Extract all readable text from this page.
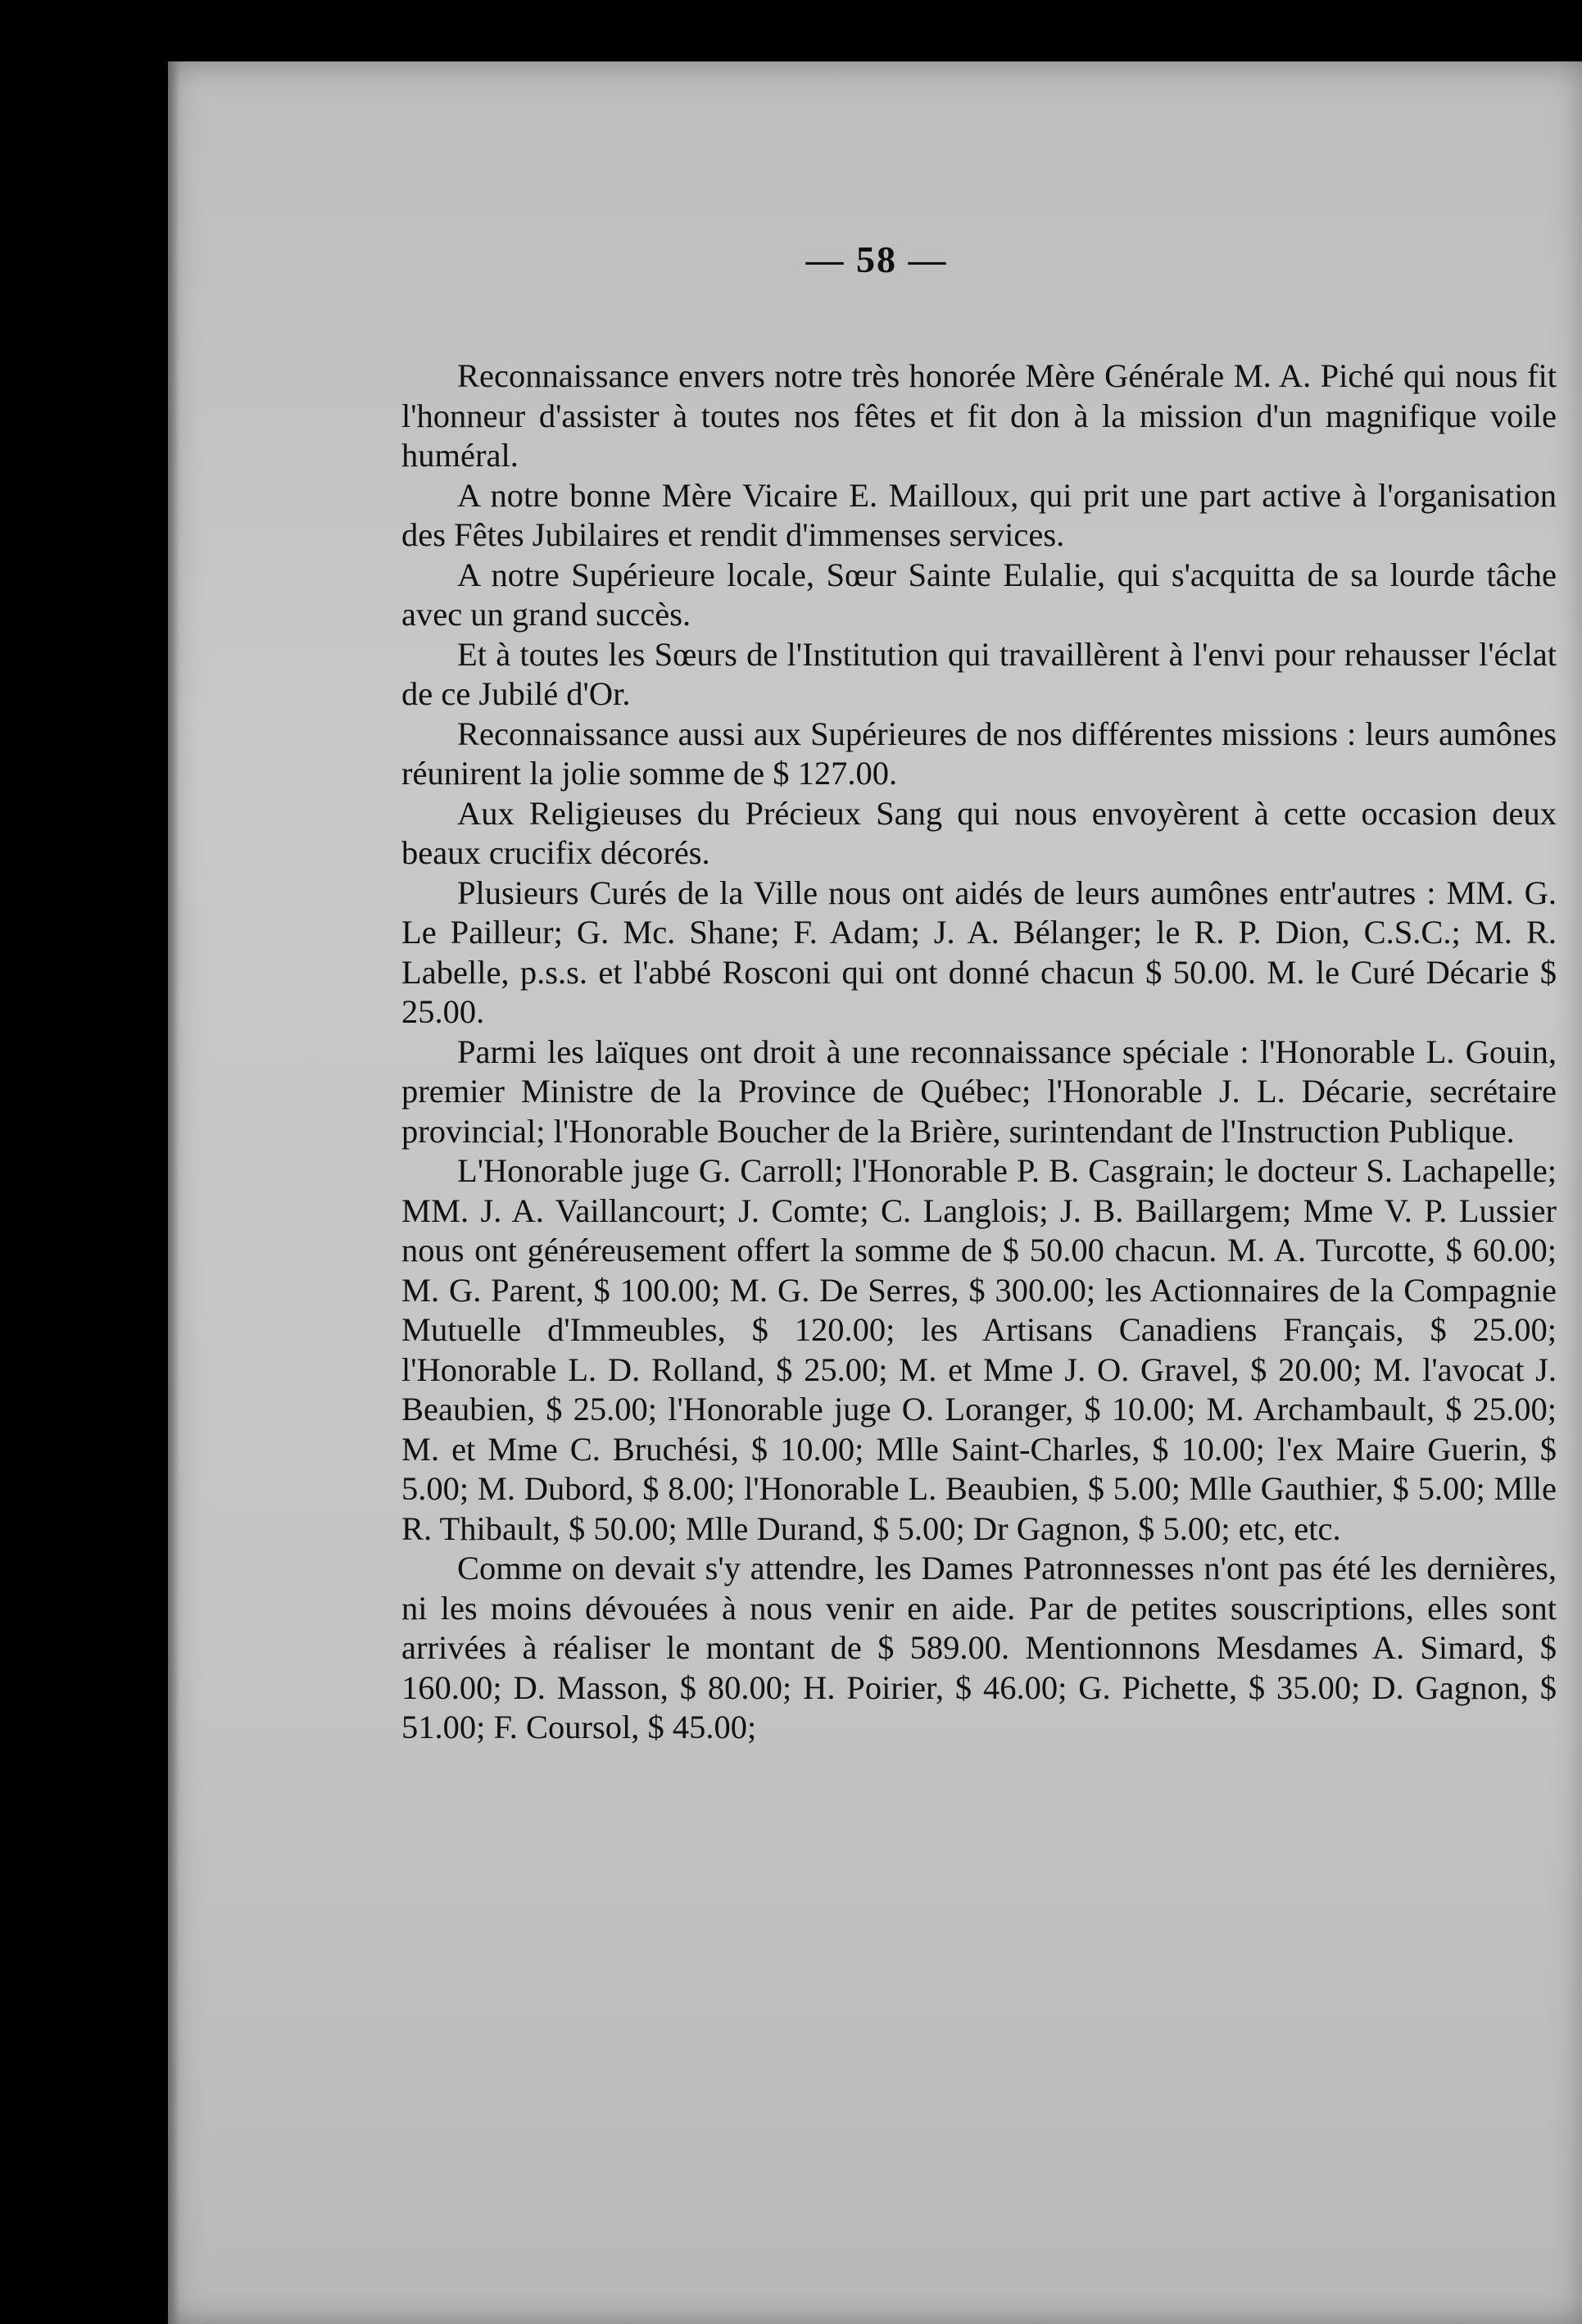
— 58 —

Reconnaissance envers notre très honorée Mère Générale M. A. Piché qui nous fit l'honneur d'assister à toutes nos fêtes et fit don à la mission d'un magnifique voile huméral.

A notre bonne Mère Vicaire E. Mailloux, qui prit une part active à l'organisation des Fêtes Jubilaires et rendit d'immenses services.

A notre Supérieure locale, Sœur Sainte Eulalie, qui s'acquitta de sa lourde tâche avec un grand succès.

Et à toutes les Sœurs de l'Institution qui travaillèrent à l'envi pour rehausser l'éclat de ce Jubilé d'Or.

Reconnaissance aussi aux Supérieures de nos différentes missions : leurs aumônes réunirent la jolie somme de $ 127.00.

Aux Religieuses du Précieux Sang qui nous envoyèrent à cette occasion deux beaux crucifix décorés.

Plusieurs Curés de la Ville nous ont aidés de leurs aumônes entr'autres : MM. G. Le Pailleur; G. Mc. Shane; F. Adam; J. A. Bélanger; le R. P. Dion, C.S.C.; M. R. Labelle, p.s.s. et l'abbé Rosconi qui ont donné chacun $ 50.00. M. le Curé Décarie $ 25.00.

Parmi les laïques ont droit à une reconnaissance spéciale : l'Honorable L. Gouin, premier Ministre de la Province de Québec; l'Honorable J. L. Décarie, secrétaire provincial; l'Honorable Boucher de la Brière, surintendant de l'Instruction Publique.

L'Honorable juge G. Carroll; l'Honorable P. B. Casgrain; le docteur S. Lachapelle; MM. J. A. Vaillancourt; J. Comte; C. Langlois; J. B. Baillargem; Mme V. P. Lussier nous ont généreusement offert la somme de $ 50.00 chacun. M. A. Turcotte, $ 60.00; M. G. Parent, $ 100.00; M. G. De Serres, $ 300.00; les Actionnaires de la Compagnie Mutuelle d'Immeubles, $ 120.00; les Artisans Canadiens Français, $ 25.00; l'Honorable L. D. Rolland, $ 25.00; M. et Mme J. O. Gravel, $ 20.00; M. l'avocat J. Beaubien, $ 25.00; l'Honorable juge O. Loranger, $ 10.00; M. Archambault, $ 25.00; M. et Mme C. Bruchési, $ 10.00; Mlle Saint-Charles, $ 10.00; l'ex Maire Guerin, $ 5.00; M. Dubord, $ 8.00; l'Honorable L. Beaubien, $ 5.00; Mlle Gauthier, $ 5.00; Mlle R. Thibault, $ 50.00; Mlle Durand, $ 5.00; Dr Gagnon, $ 5.00; etc, etc.

Comme on devait s'y attendre, les Dames Patronnesses n'ont pas été les dernières, ni les moins dévouées à nous venir en aide. Par de petites souscriptions, elles sont arrivées à réaliser le montant de $ 589.00. Mentionnons Mesdames A. Simard, $ 160.00; D. Masson, $ 80.00; H. Poirier, $ 46.00; G. Pichette, $ 35.00; D. Gagnon, $ 51.00; F. Coursol, $ 45.00;
